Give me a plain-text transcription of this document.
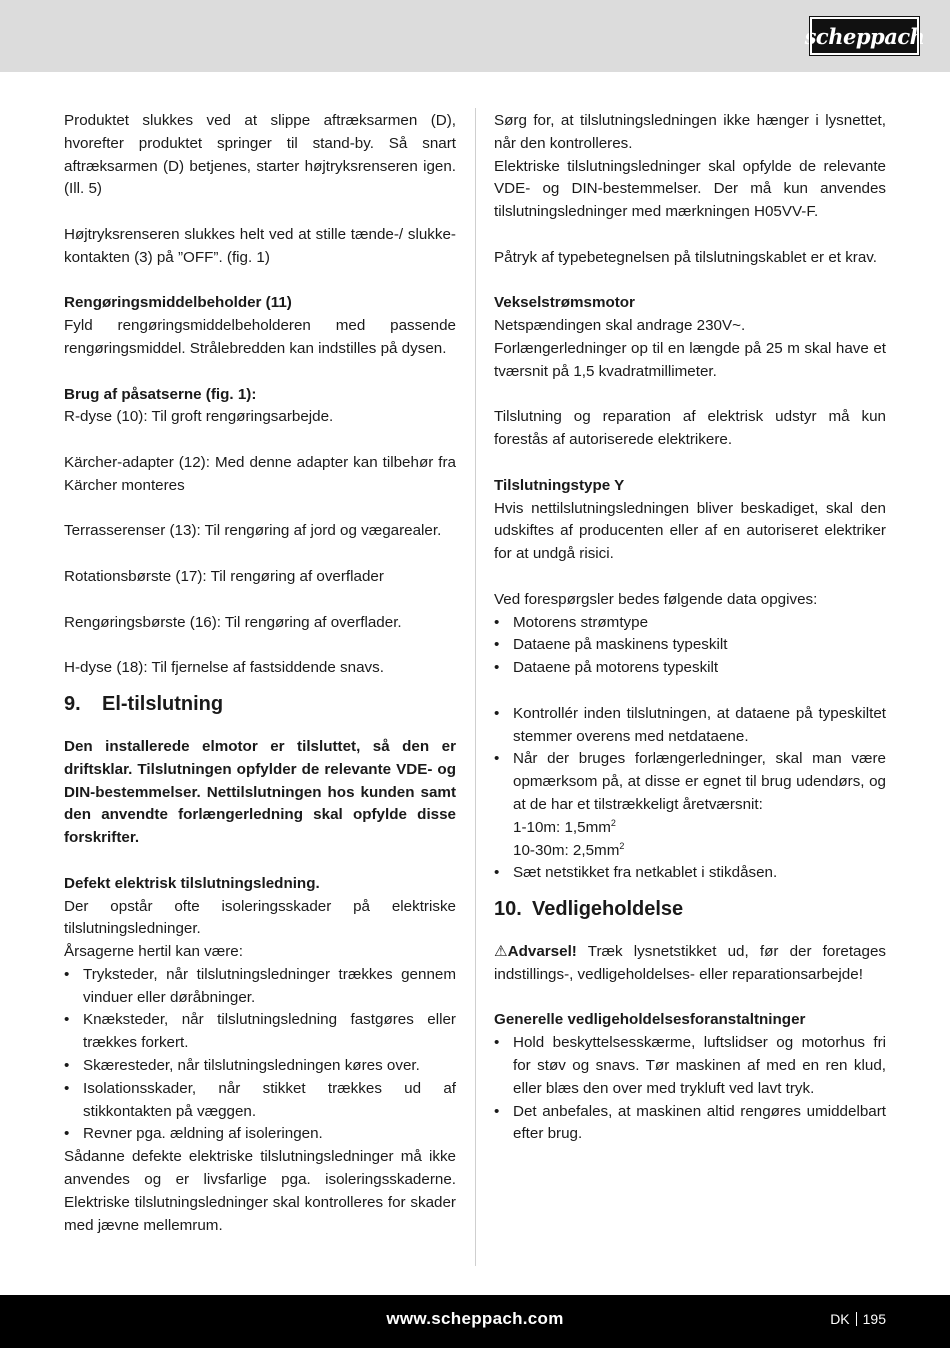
scheppach

Produktet slukkes ved at slippe aftræksarmen (D), hvorefter produktet springer til stand-by. Så snart aftræksarmen (D) betjenes, starter højtryksrenseren igen. (Ill. 5)

Højtryksrenseren slukkes helt ved at stille tænde-/ slukke-kontakten (3) på ”OFF”. (fig. 1)

Rengøringsmiddelbeholder (11)

Fyld rengøringsmiddelbeholderen med passende rengøringsmiddel. Strålebredden kan indstilles på dysen.

Brug af påsatserne (fig. 1):

R-dyse (10): Til groft rengøringsarbejde.

Kärcher-adapter (12): Med denne adapter kan tilbehør fra Kärcher monteres

Terrasserenser (13): Til rengøring af jord og vægarealer.

Rotationsbørste (17): Til rengøring af overflader

Rengøringsbørste (16): Til rengøring af overflader.

H-dyse (18): Til fjernelse af fastsiddende snavs.

9.	El-tilslutning

Den installerede elmotor er tilsluttet, så den er driftsklar. Tilslutningen opfylder de relevante VDE- og DIN-bestemmelser. Nettilslutningen hos kunden samt den anvendte forlængerledning skal opfylde disse forskrifter.

Defekt elektrisk tilslutningsledning.

Der opstår ofte isoleringsskader på elektriske tilslutningsledninger.

Årsagerne hertil kan være:

• Tryksteder, når tilslutningsledninger trækkes gennem vinduer eller døråbninger.
• Knæksteder, når tilslutningsledning fastgøres eller trækkes forkert.
• Skæresteder, når tilslutningsledningen køres over.
• Isolationsskader, når stikket trækkes ud af stikkontakten på væggen.
• Revner pga. ældning af isoleringen.

Sådanne defekte elektriske tilslutningsledninger må ikke anvendes og er livsfarlige pga. isoleringsskaderne. Elektriske tilslutningsledninger skal kontrolleres for skader med jævne mellemrum.

Sørg for, at tilslutningsledningen ikke hænger i lysnettet, når den kontrolleres.

Elektriske tilslutningsledninger skal opfylde de relevante VDE- og DIN-bestemmelser. Der må kun anvendes tilslutningsledninger med mærkningen H05VV-F.

Påtryk af typebetegnelsen på tilslutningskablet er et krav.

Vekselstrømsmotor

Netspændingen skal andrage 230V~.

Forlængerledninger op til en længde på 25 m skal have et tværsnit på 1,5 kvadratmillimeter.

Tilslutning og reparation af elektrisk udstyr må kun forestås af autoriserede elektrikere.

Tilslutningstype Y

Hvis nettilslutningsledningen bliver beskadiget, skal den udskiftes af producenten eller af en autoriseret elektriker for at undgå risici.

Ved forespørgsler bedes følgende data opgives:

• Motorens strømtype
• Dataene på maskinens typeskilt
• Dataene på motorens typeskilt
• Kontrollér inden tilslutningen, at dataene på typeskiltet stemmer overens med netdataene.
• Når der bruges forlængerledninger, skal man være opmærksom på, at disse er egnet til brug udendørs, og at de har et tilstrækkeligt åretværsnit:
1-10m: $1,5mm^2$
10-30m: $2,5mm^2$
• Sæt netstikket fra netkablet i stikdåsen.
10. Vedligeholdelse

⚠Advarsel! Træk lysnetstikket ud, før der foretages indstillings-, vedligeholdelses- eller reparationsarbejde!

Generelle vedligeholdelsesforanstaltninger

• Hold beskyttelsesskærme, luftslidser og motorhus fri for støv og snavs. Tør maskinen af med en ren klud, eller blæs den over med trykluft ved lavt tryk.
• Det anbefales, at maskinen altid rengøres umiddelbart efter brug.
www.scheppach.com	DK 195
